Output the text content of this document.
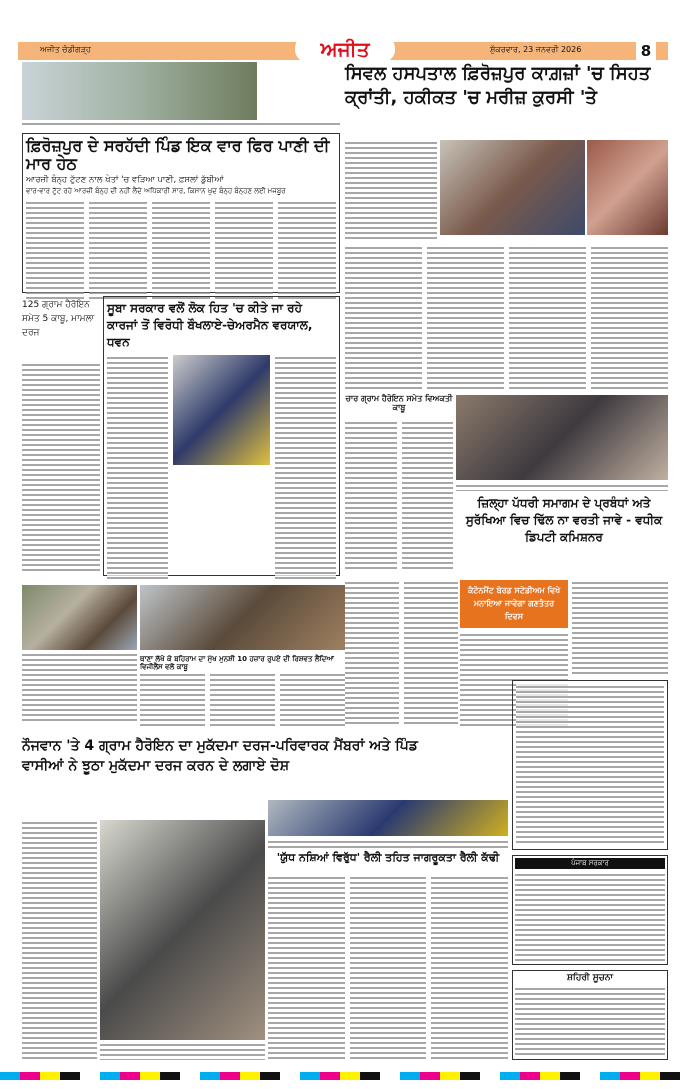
ਅਜੀਤ ਚੰਡੀਗੜ੍ਹ	ਅਜੀਤ	ਸ਼ੁੱਕਰਵਾਰ, 23 ਜਨਵਰੀ 2026	8
ਸਿਵਲ ਹਸਪਤਾਲ ਫ਼ਿਰੋਜ਼ਪੁਰ ਕਾਗ਼ਜ਼ਾਂ 'ਚ ਸਿਹਤ ਕ੍ਰਾਂਤੀ, ਹਕੀਕਤ 'ਚ ਮਰੀਜ਼ ਕੁਰਸੀ 'ਤੇ
ਫ਼ਿਰੋਜ਼ਪੁਰ ਦੇ ਸਰਹੱਦੀ ਪਿੰਡ ਇਕ ਵਾਰ ਫਿਰ ਪਾਣੀ ਦੀ ਮਾਰ ਹੇਠ
ਆਰਜ਼ੀ ਬੰਨ੍ਹ ਟੁੱਟਣ ਨਾਲ ਖੇਤਾਂ 'ਚ ਵੜਿਆ ਪਾਣੀ, ਫ਼ਸਲਾਂ ਡੁੱਬੀਆਂ
ਵਾਰ-ਵਾਰ ਟੁੱਟ ਰਹੇ ਆਰਜ਼ੀ ਬੰਨ੍ਹ ਦੀ ਨਹੀਂ ਲੈਂਦੇ ਅਧਿਕਾਰੀ ਸਾਰ, ਕਿਸਾਨ ਖ਼ੁਦ ਬੰਨ੍ਹ ਬੰਨ੍ਹਣ ਲਈ ਮਜਬੂਰ
125 ਗ੍ਰਾਮ ਹੈਰੋਇਨ ਸਮੇਤ 5 ਕਾਬੂ, ਮਾਮਲਾ ਦਰਜ
ਸੂਬਾ ਸਰਕਾਰ ਵਲੋਂ ਲੋਕ ਹਿਤ 'ਚ ਕੀਤੇ ਜਾ ਰਹੇ ਕਾਰਜਾਂ ਤੋਂ ਵਿਰੋਧੀ ਬੌਖਲਾਏ-ਚੇਅਰਮੈਨ ਵਰਯਾਲ, ਧਵਨ
ਚਾਰ ਗ੍ਰਾਮ ਹੈਰੋਇਨ ਸਮੇਤ ਵਿਅਕਤੀ ਕਾਬੂ
ਜ਼ਿਲ੍ਹਾ ਪੱਧਰੀ ਸਮਾਗਮ ਦੇ ਪ੍ਰਬੰਧਾਂ ਅਤੇ ਸੁਰੱਖਿਆ ਵਿਚ ਢਿੱਲ ਨਾ ਵਰਤੀ ਜਾਵੇ - ਵਧੀਕ ਡਿਪਟੀ ਕਮਿਸ਼ਨਰ
ਥਾਣਾ ਲੱਖੋ ਕੇ ਬਹਿਰਾਮ ਦਾ ਮੁੱਖ ਮੁਨਸ਼ੀ 10 ਹਜ਼ਾਰ ਰੁਪਏ ਦੀ ਰਿਸ਼ਵਤ ਲੈਂਦਿਆਂ ਵਿਜੀਲੈਂਸ ਵਲੋਂ ਕਾਬੂ
ਕੰਟੋਨਮੈਂਟ ਬੋਰਡ ਸਟੇਡੀਅਮ ਵਿਖੇ ਮਨਾਇਆ ਜਾਵੇਗਾ ਗਣਤੰਤਰ ਦਿਵਸ
ਨੌਜਵਾਨ 'ਤੇ 4 ਗ੍ਰਾਮ ਹੈਰੋਇਨ ਦਾ ਮੁਕੱਦਮਾ ਦਰਜ-ਪਰਿਵਾਰਕ ਮੈਂਬਰਾਂ ਅਤੇ ਪਿੰਡ ਵਾਸੀਆਂ ਨੇ ਝੂਠਾ ਮੁਕੱਦਮਾ ਦਰਜ ਕਰਨ ਦੇ ਲਗਾਏ ਦੋਸ਼
'ਯੁੱਧ ਨਸ਼ਿਆਂ ਵਿਰੁੱਧ' ਰੈਲੀ ਤਹਿਤ ਜਾਗਰੂਕਤਾ ਰੈਲੀ ਕੱਢੀ	ਪੰਜਾਬ ਸਰਕਾਰ
ਸ਼ਹਿਰੀ ਸੂਚਨਾ
